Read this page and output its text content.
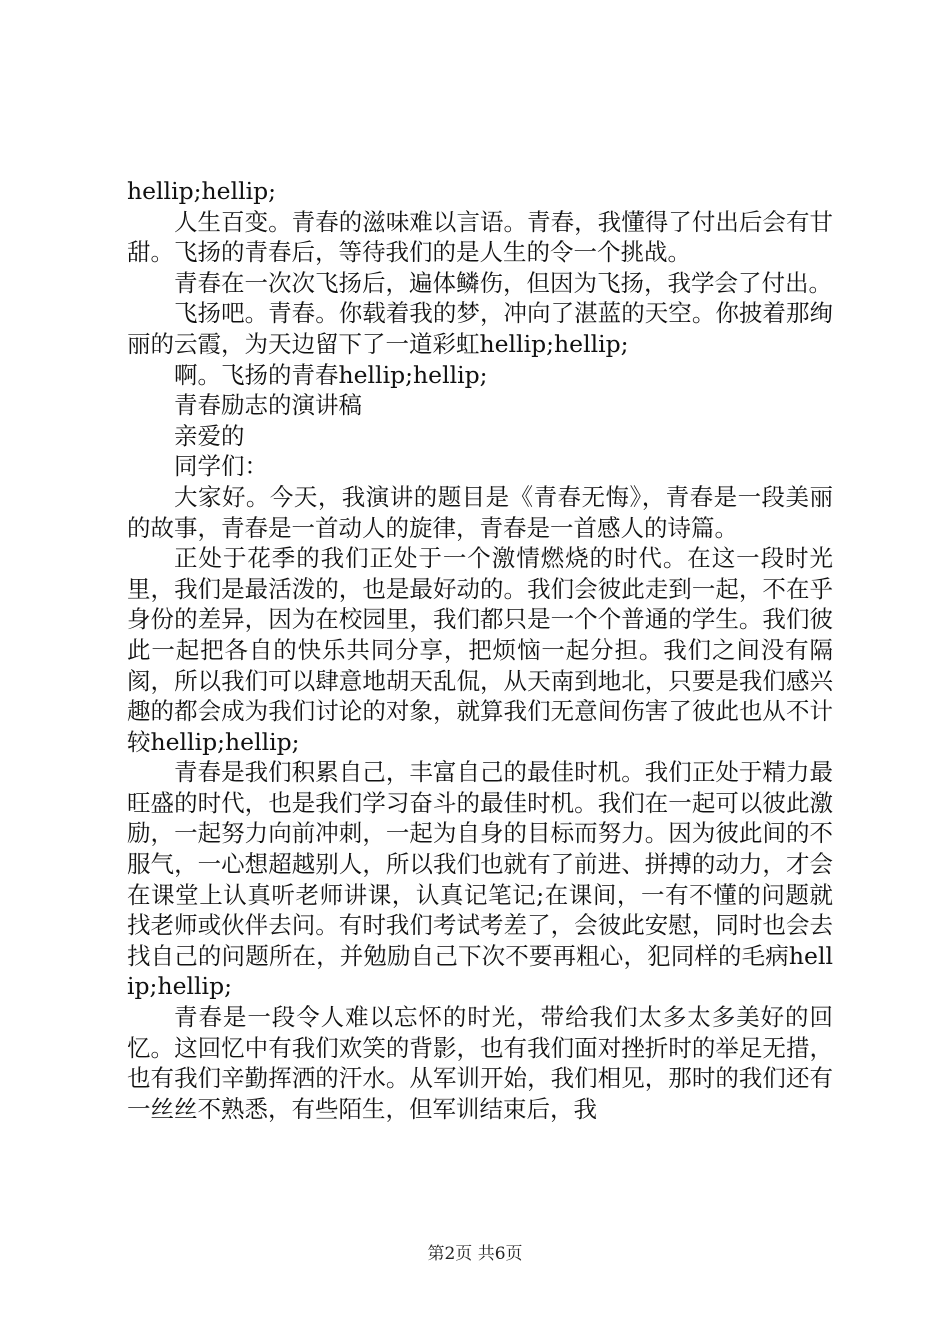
hellip;hellip;

人生百变。青春的滋味难以言语。青春，我懂得了付出后会有甘甜。飞扬的青春后，等待我们的是人生的令一个挑战。

青春在一次次飞扬后，遍体鳞伤，但因为飞扬，我学会了付出。

飞扬吧。青春。你载着我的梦，冲向了湛蓝的天空。你披着那绚丽的云霞，为天边留下了一道彩虹hellip;hellip;

啊。飞扬的青春hellip;hellip;

青春励志的演讲稿

亲爱的

同学们：

大家好。今天，我演讲的题目是《青春无悔》，青春是一段美丽的故事，青春是一首动人的旋律，青春是一首感人的诗篇。

正处于花季的我们正处于一个激情燃烧的时代。在这一段时光里，我们是最活泼的，也是最好动的。我们会彼此走到一起，不在乎身份的差异，因为在校园里，我们都只是一个个普通的学生。我们彼此一起把各自的快乐共同分享，把烦恼一起分担。我们之间没有隔阂，所以我们可以肆意地胡天乱侃，从天南到地北，只要是我们感兴趣的都会成为我们讨论的对象，就算我们无意间伤害了彼此也从不计较hellip;hellip;

青春是我们积累自己，丰富自己的最佳时机。我们正处于精力最旺盛的时代，也是我们学习奋斗的最佳时机。我们在一起可以彼此激励，一起努力向前冲刺，一起为自身的目标而努力。因为彼此间的不服气，一心想超越别人，所以我们也就有了前进、拼搏的动力，才会在课堂上认真听老师讲课，认真记笔记;在课间，一有不懂的问题就找老师或伙伴去问。有时我们考试考差了，会彼此安慰，同时也会去找自己的问题所在，并勉励自己下次不要再粗心，犯同样的毛病hellip;hellip;

青春是一段令人难以忘怀的时光，带给我们太多太多美好的回忆。这回忆中有我们欢笑的背影，也有我们面对挫折时的举足无措，也有我们辛勤挥洒的汗水。从军训开始，我们相见，那时的我们还有一丝丝不熟悉，有些陌生，但军训结束后，我

第2页 共6页
